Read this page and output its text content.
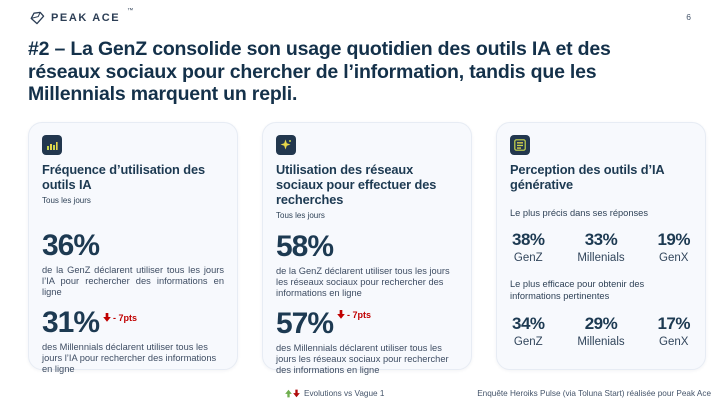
PEAK ACE
™
6
#2 – La GenZ consolide son usage quotidien des outils IA et des
réseaux sociaux pour chercher de l’information, tandis que les
Millennials marquent un repli.
Fréquence d’utilisation des outils IA
Tous les jours
36%

de la GenZ déclarent utiliser tous les jours l’IA pour rechercher des informations en ligne

31% - 7pts

des Millennials déclarent utiliser tous les jours l’IA pour rechercher des informations en ligne

Utilisation des réseaux sociaux pour effectuer des recherches
Tous les jours
58%

de la GenZ déclarent utiliser tous les jours les réseaux sociaux pour rechercher des informations en ligne

57% - 7pts

des Millennials déclarent utiliser tous les jours les réseaux sociaux pour rechercher des informations en ligne

Perception des outils d’IA générative
Le plus précis dans ses réponses
38%
GenZ
33%
Millenials
19%
GenX
Le plus efficace pour obtenir des informations pertinentes
34%
GenZ
29%
Millenials
17%
GenX
Evolutions vs Vague 1	Enquête Heroiks Pulse (via Toluna Start) réalisée pour Peak Ace
